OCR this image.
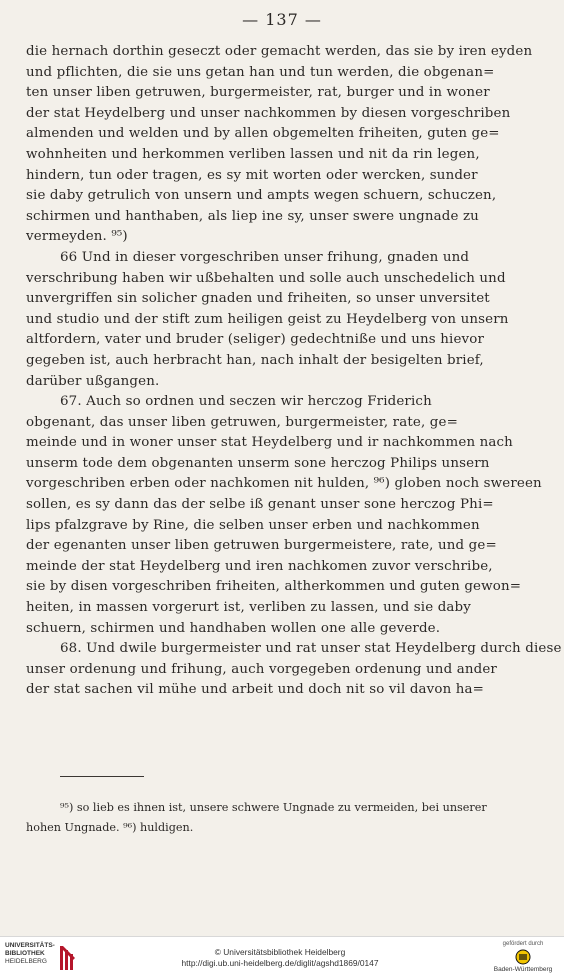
— 137 —
die hernach dorthin geseczt oder gemacht werden, das sie by iren eyden
und pflichten, die sie uns getan han und tun werden, die obgenan=
ten unser liben getruwen, burgermeister, rat, burger und in woner
der stat Heydelberg und unser nachkommen by diesen vorgeschriben
almenden und welden und by allen obgemelten friheiten, guten ge=
wohnheiten und herkommen verliben lassen und nit da rin legen,
hindern, tun oder tragen, es sy mit worten oder wercken, sunder
sie daby getrulich von unsern und ampts wegen schuern, schuczen,
schirmen und hanthaben, als liep ine sy, unser swere ungnade zu
vermeyden. ⁹⁵)
66 Und in dieser vorgeschriben unser frihung, gnaden und
verschribung haben wir ußbehalten und solle auch unschedelich und
unvergriffen sin solicher gnaden und friheiten, so unser unversitet
und studio und der stift zum heiligen geist zu Heydelberg von unsern
altfordern, vater und bruder (seliger) gedechtniße und uns hievor
gegeben ist, auch herbracht han, nach inhalt der besigelten brief,
darüber ußgangen.
67. Auch so ordnen und seczen wir herczog Friderich
obgenant, das unser liben getruwen, burgermeister, rate, ge=
meinde und in woner unser stat Heydelberg und ir nachkommen nach
unserm tode dem obgenanten unserm sone herczog Philips unsern
vorgeschriben erben oder nachkomen nit hulden, ⁹⁶) globen noch swereen
sollen, es sy dann das der selbe iß genant unser sone herczog Phi=
lips pfalzgrave by Rine, die selben unser erben und nachkommen
der egenanten unser liben getruwen burgermeistere, rate, und ge=
meinde der stat Heydelberg und iren nachkomen zuvor verschribe,
sie by disen vorgeschriben friheiten, altherkommen und guten gewon=
heiten, in massen vorgerurt ist, verliben zu lassen, und sie daby
schuern, schirmen und handhaben wollen one alle geverde.
68. Und dwile burgermeister und rat unser stat Heydelberg durch diese
unser ordenung und frihung, auch vorgegeben ordenung und ander
der stat sachen vil mühe und arbeit und doch nit so vil davon ha=
⁹⁵) so lieb es ihnen ist, unsere schwere Ungnade zu vermeiden, bei unserer
hohen Ungnade. ⁹⁶) huldigen.
UNIVERSITÄTS-
BIBLIOTHEK
HEIDELBERG
© Universitätsbibliothek Heidelberg
http://digi.ub.uni-heidelberg.de/diglit/agshd1869/0147
gefördert durch
Baden-Württemberg
